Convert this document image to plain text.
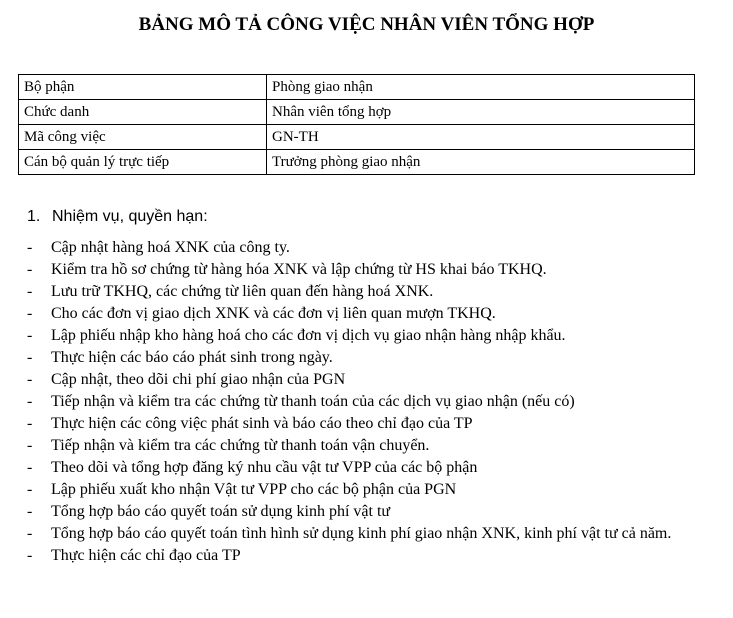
BẢNG MÔ TẢ CÔNG VIỆC NHÂN VIÊN TỔNG HỢP
Bộ phận	Phòng giao nhận
Chức danh	Nhân viên tổng hợp
Mã công việc	GN-TH
Cán bộ quản lý trực tiếp	Trưởng phòng giao nhận
1. Nhiệm vụ, quyền hạn:
- Cập nhật hàng hoá XNK của công ty.
- Kiểm tra hồ sơ chứng từ hàng hóa XNK và lập chứng từ HS khai báo TKHQ.
- Lưu trữ TKHQ, các chứng từ liên quan đến hàng hoá XNK.
- Cho các đơn vị giao dịch XNK và các đơn vị liên quan mượn TKHQ.
- Lập phiếu nhập kho hàng hoá cho các đơn vị dịch vụ giao nhận hàng nhập khẩu.
- Thực hiện các báo cáo phát sinh trong ngày.
- Cập nhật, theo dõi chi phí giao nhận của PGN
- Tiếp nhận và kiểm tra các chứng từ thanh toán của các dịch vụ giao nhận (nếu có)
- Thực hiện các công việc phát sinh và báo cáo theo chỉ đạo của TP
- Tiếp nhận và kiểm tra các chứng từ thanh toán vận chuyển.
- Theo dõi và tổng hợp đăng ký nhu cầu vật tư VPP của các bộ phận
- Lập phiếu xuất kho nhận Vật tư VPP cho các bộ phận của PGN
- Tổng hợp báo cáo quyết toán sử dụng kinh phí vật tư
- Tổng hợp báo cáo quyết toán tình hình sử dụng kinh phí giao nhận XNK, kinh phí vật tư cả năm.
- Thực hiện các chỉ đạo của TP
